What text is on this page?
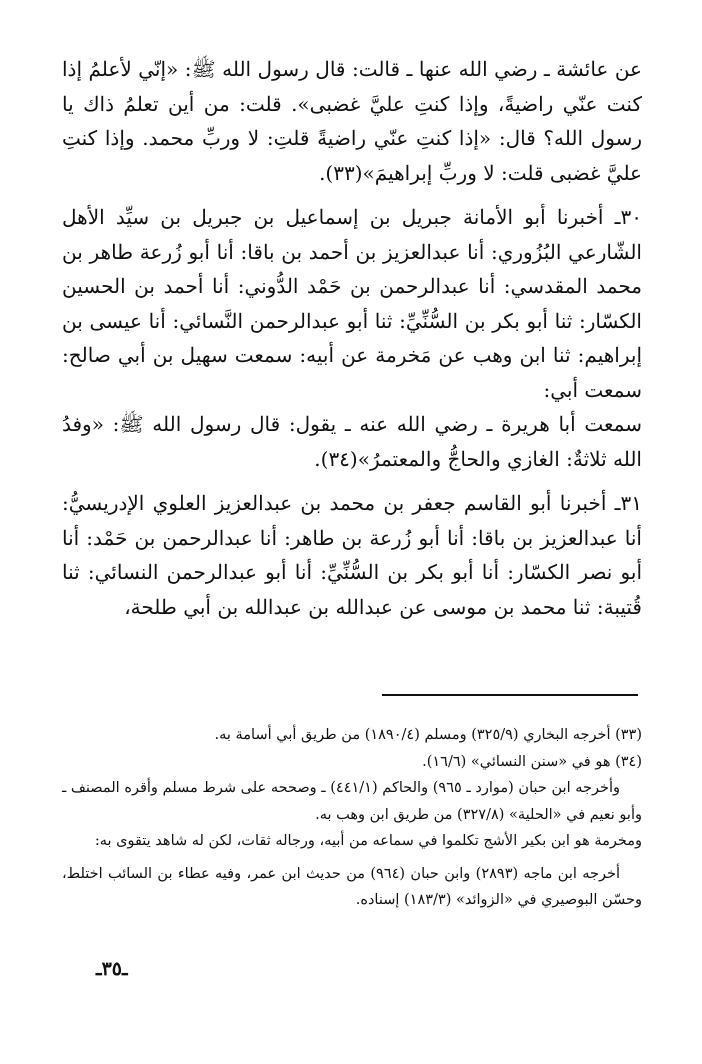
عن عائشة ـ رضي الله عنها ـ قالت: قال رسول الله ﷺ: «إنّي لأعلمُ إذا كنت عنّي راضيةً، وإذا كنتِ عليَّ غضبى». قلت: من أين تعلمُ ذاك يا رسول الله؟ قال: «إذا كنتِ عنّي راضيةً قلتِ: لا وربِّ محمد. وإذا كنتِ عليَّ غضبى قلت: لا وربِّ إبراهيمَ»(٣٣).

٣٠ـ أخبرنا أبو الأمانة جبريل بن إسماعيل بن جبريل بن سيِّد الأهل الشّارعي البُزُوري: أنا عبدالعزيز بن أحمد بن باقا: أنا أبو زُرعة طاهر بن محمد المقدسي: أنا عبدالرحمن بن حَمْد الدُّوني: أنا أحمد بن الحسين الكسّار: ثنا أبو بكر بن السُّنِّيِّ: ثنا أبو عبدالرحمن النَّسائي: أنا عيسى بن إبراهيم: ثنا ابن وهب عن مَخرمة عن أبيه: سمعت سهيل بن أبي صالح: سمعت أبي:

سمعت أبا هريرة ـ رضي الله عنه ـ يقول: قال رسول الله ﷺ: «وفدُ الله ثلاثةٌ: الغازي والحاجُّ والمعتمرُ»(٣٤).

٣١ـ أخبرنا أبو القاسم جعفر بن محمد بن عبدالعزيز العلوي الإدريسيُّ: أنا عبدالعزيز بن باقا: أنا أبو زُرعة بن طاهر: أنا عبدالرحمن بن حَمْد: أنا أبو نصر الكسّار: أنا أبو بكر بن السُّنِّيِّ: أنا أبو عبدالرحمن النسائي: ثنا قُتيبة: ثنا محمد بن موسى عن عبدالله بن عبدالله بن أبي طلحة،

(٣٣) أخرجه البخاري (٣٢٥/٩) ومسلم (١٨٩٠/٤) من طريق أبي أسامة به.

(٣٤) هو في «سنن النسائي» (١٦/٦).

وأخرجه ابن حبان (موارد ـ ٩٦٥) والحاكم (٤٤١/١) ـ وصححه على شرط مسلم وأقره المصنف ـ وأبو نعيم في «الحلية» (٣٢٧/٨) من طريق ابن وهب به.

ومخرمة هو ابن بكير الأشج تكلموا في سماعه من أبيه، ورجاله ثقات، لكن له شاهد يتقوى به:

أخرجه ابن ماجه (٢٨٩٣) وابن حبان (٩٦٤) من حديث ابن عمر، وفيه عطاء بن السائب اختلط، وحسّن البوصيري في «الزوائد» (١٨٣/٣) إسناده.

ـ٣٥ـ
